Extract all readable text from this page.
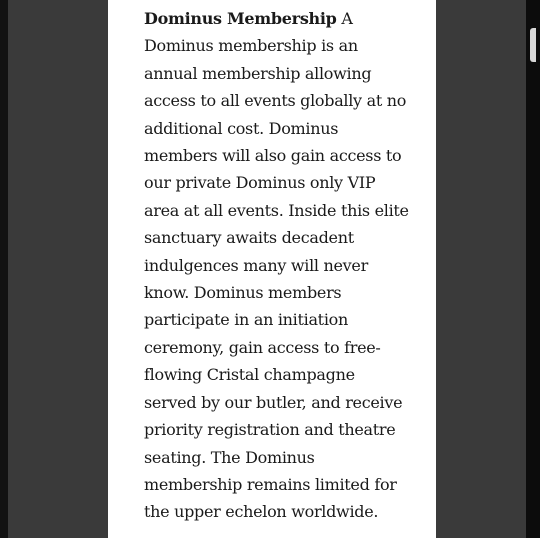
Dominus Membership A
Dominus membership is an
annual membership allowing
access to all events globally at no
additional cost. Dominus
members will also gain access to
our private Dominus only VIP
area at all events. Inside this elite
sanctuary awaits decadent
indulgences many will never
know. Dominus members
participate in an initiation
ceremony, gain access to free-
flowing Cristal champagne
served by our butler, and receive
priority registration and theatre
seating. The Dominus
membership remains limited for
the upper echelon worldwide.
